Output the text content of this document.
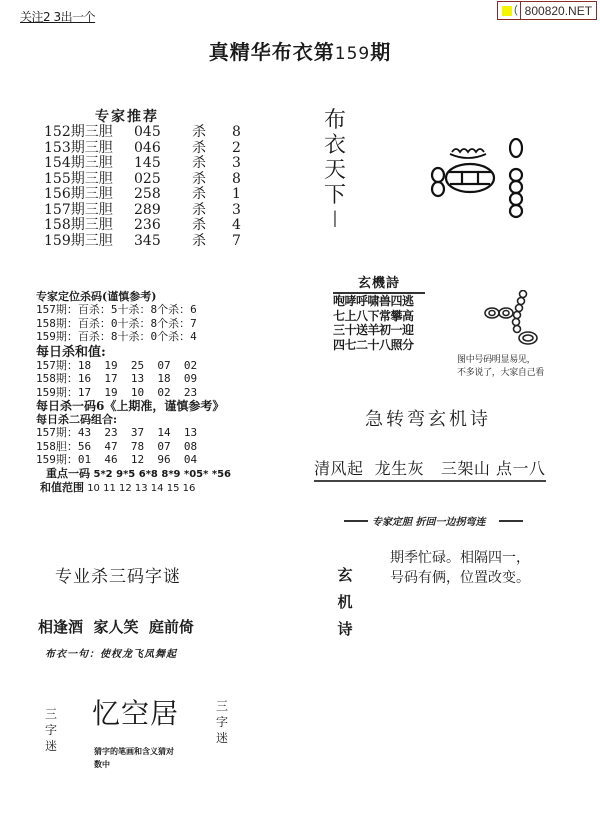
关注2 3出一个	( 800820.NET
真精华布衣第159期
专家推荐
152期三胆	045	杀	8
153期三胆	046	杀	2
154期三胆	145	杀	3
155期三胆	025	杀	8
156期三胆	258	杀	1
157期三胆	289	杀	3
158期三胆	236	杀	4
159期三胆	345	杀	7
专家定位杀码(谨慎参考)
157期：百杀：5十杀：8个杀：6
158期：百杀：0十杀：8个杀：7
159期：百杀：8十杀：0个杀：4
每日杀和值:
157期：18  19  25  07  02
158期：16  17  13  18  09
159期：17  19  10  02  23
每日杀一码6《上期准，谨慎参考》
每日杀二码组合:
157期：43  23  37  14  13
158胆：56  47  78  07  08
159期：01  46  12  96  04
重点一码 5*2 9*5 6*8 8*9 *05* *56
和值范围 10 11 12 13 14 15 16
布
衣
天
下
I
玄機詩
咆哮呼啸兽四逃
七上八下常攀高
三十送羊初一迎
四七二十八照分
图中号码明显易见，
不多说了，大家自己看
急转弯玄机诗
清风起  龙生灰   三架山 点一八
专家定胆 折回一边拐弯连
玄
机
诗
期季忙碌。相隔四一，
号码有俩，位置改变。
专业杀三码字谜
相逢酒  家人笑  庭前倚
布衣一句：使杈龙飞凤舞起
三
字
迷
忆空居
猜字的笔画和含义猜对数中
三
字
迷
